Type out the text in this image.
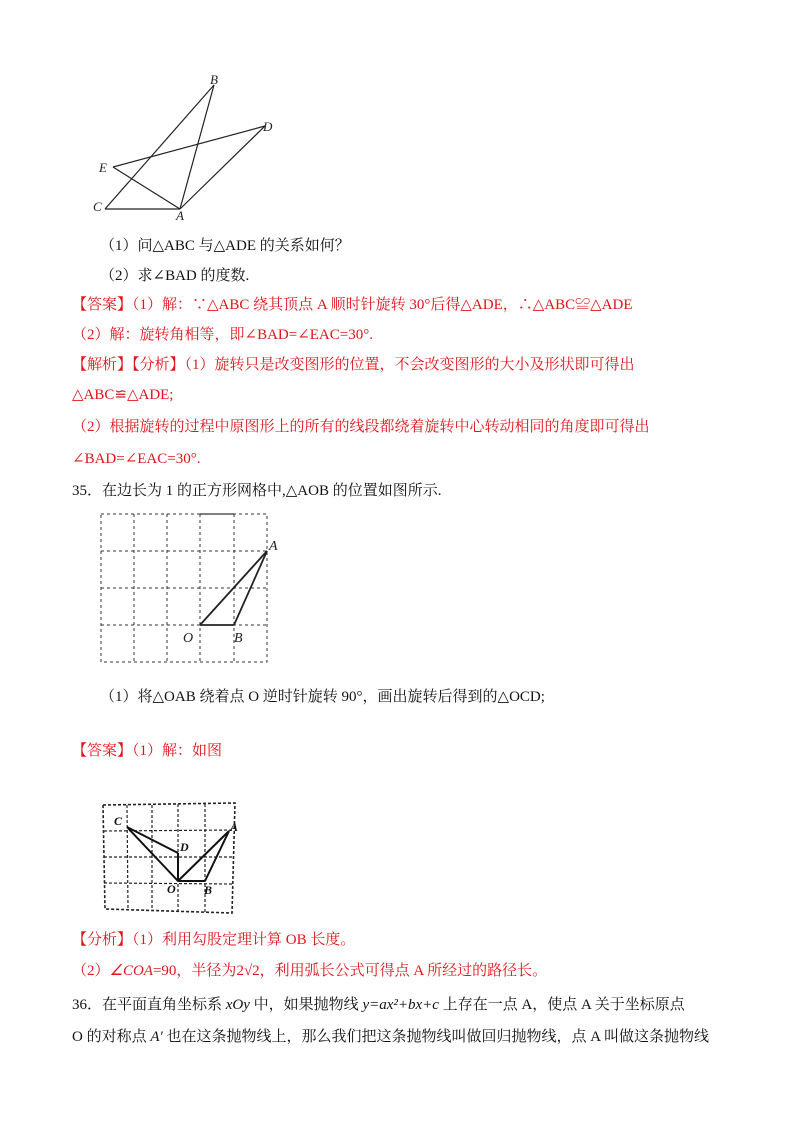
B
D
E
C
A
（1）问△ABC 与△ADE 的关系如何？
（2）求∠BAD 的度数.
【答案】（1）解：∵△ABC 绕其顶点 A 顺时针旋转 30°后得△ADE，∴△ABC≌△ADE
（2）解：旋转角相等，即∠BAD=∠EAC=30°.
【解析】【分析】（1）旋转只是改变图形的位置，不会改变图形的大小及形状即可得出
△ABC≌△ADE;
（2）根据旋转的过程中原图形上的所有的线段都绕着旋转中心转动相同的角度即可得出
∠BAD=∠EAC=30°.
35．在边长为 1 的正方形网格中,△AOB 的位置如图所示.
A
O	B
（1）将△OAB 绕着点 O 逆时针旋转 90°，画出旋转后得到的△OCD;
【答案】（1）解：如图
C	A
D
O B
【分析】（1）利用勾股定理计算 OB 长度。
（2）∠COA=90，半径为2√2，利用弧长公式可得点 A 所经过的路径长。
36．在平面直角坐标系 xOy 中，如果抛物线 y=ax²+bx+c 上存在一点 A，使点 A 关于坐标原点
O 的对称点 A′ 也在这条抛物线上，那么我们把这条抛物线叫做回归抛物线，点 A 叫做这条抛物线
